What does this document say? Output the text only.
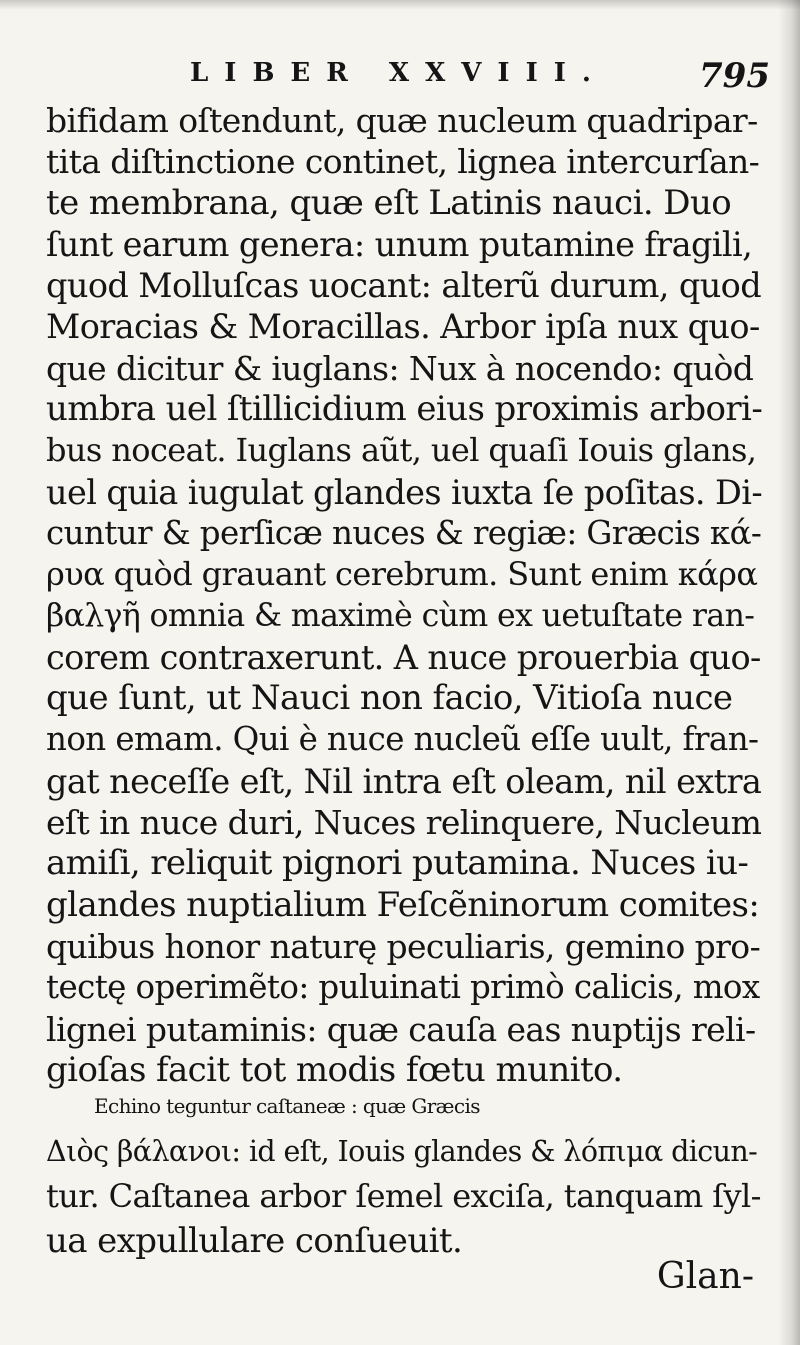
LIBER XXVIII.	795
bifidam oſtendunt, quæ nucleum quadripar-
tita diſtinctione continet, lignea intercurſan-
te membrana, quæ eſt Latinis nauci. Duo
ſunt earum genera: unum putamine fragili,
quod Molluſcas uocant: alterũ durum, quod
Moracias & Moracillas. Arbor ipſa nux quo-
que dicitur & iuglans: Nux à nocendo: quòd
umbra uel ſtillicidium eius proximis arbori-
bus noceat. Iuglans aũt, uel quaſi Iouis glans,
uel quia iugulat glandes iuxta ſe poſitas. Di-
cuntur & perſicæ nuces & regiæ: Græcis κά-
ρυα quòd grauant cerebrum. Sunt enim κάρα
βαλγῆ omnia & maximè cùm ex uetuſtate ran-
corem contraxerunt. A nuce prouerbia quo-
que ſunt, ut Nauci non facio, Vitioſa nuce
non emam. Qui è nuce nucleũ eſſe uult, fran-
gat neceſſe eſt, Nil intra eſt oleam, nil extra
eſt in nuce duri, Nuces relinquere, Nucleum
amiſi, reliquit pignori putamina. Nuces iu-
glandes nuptialium Feſcẽninorum comites:
quibus honor naturę peculiaris, gemino pro-
tectę operimẽto: puluinati primò calicis, mox
lignei putaminis: quæ cauſa eas nuptijs reli-
gioſas facit tot modis fœtu munito.
Echino teguntur caſtaneæ : quæ Græcis
Διὸς βάλανοι: id eſt, Iouis glandes & λόπιμα dicun-
tur. Caſtanea arbor ſemel exciſa, tanquam ſyl-
ua expullulare conſueuit.
Glan-
